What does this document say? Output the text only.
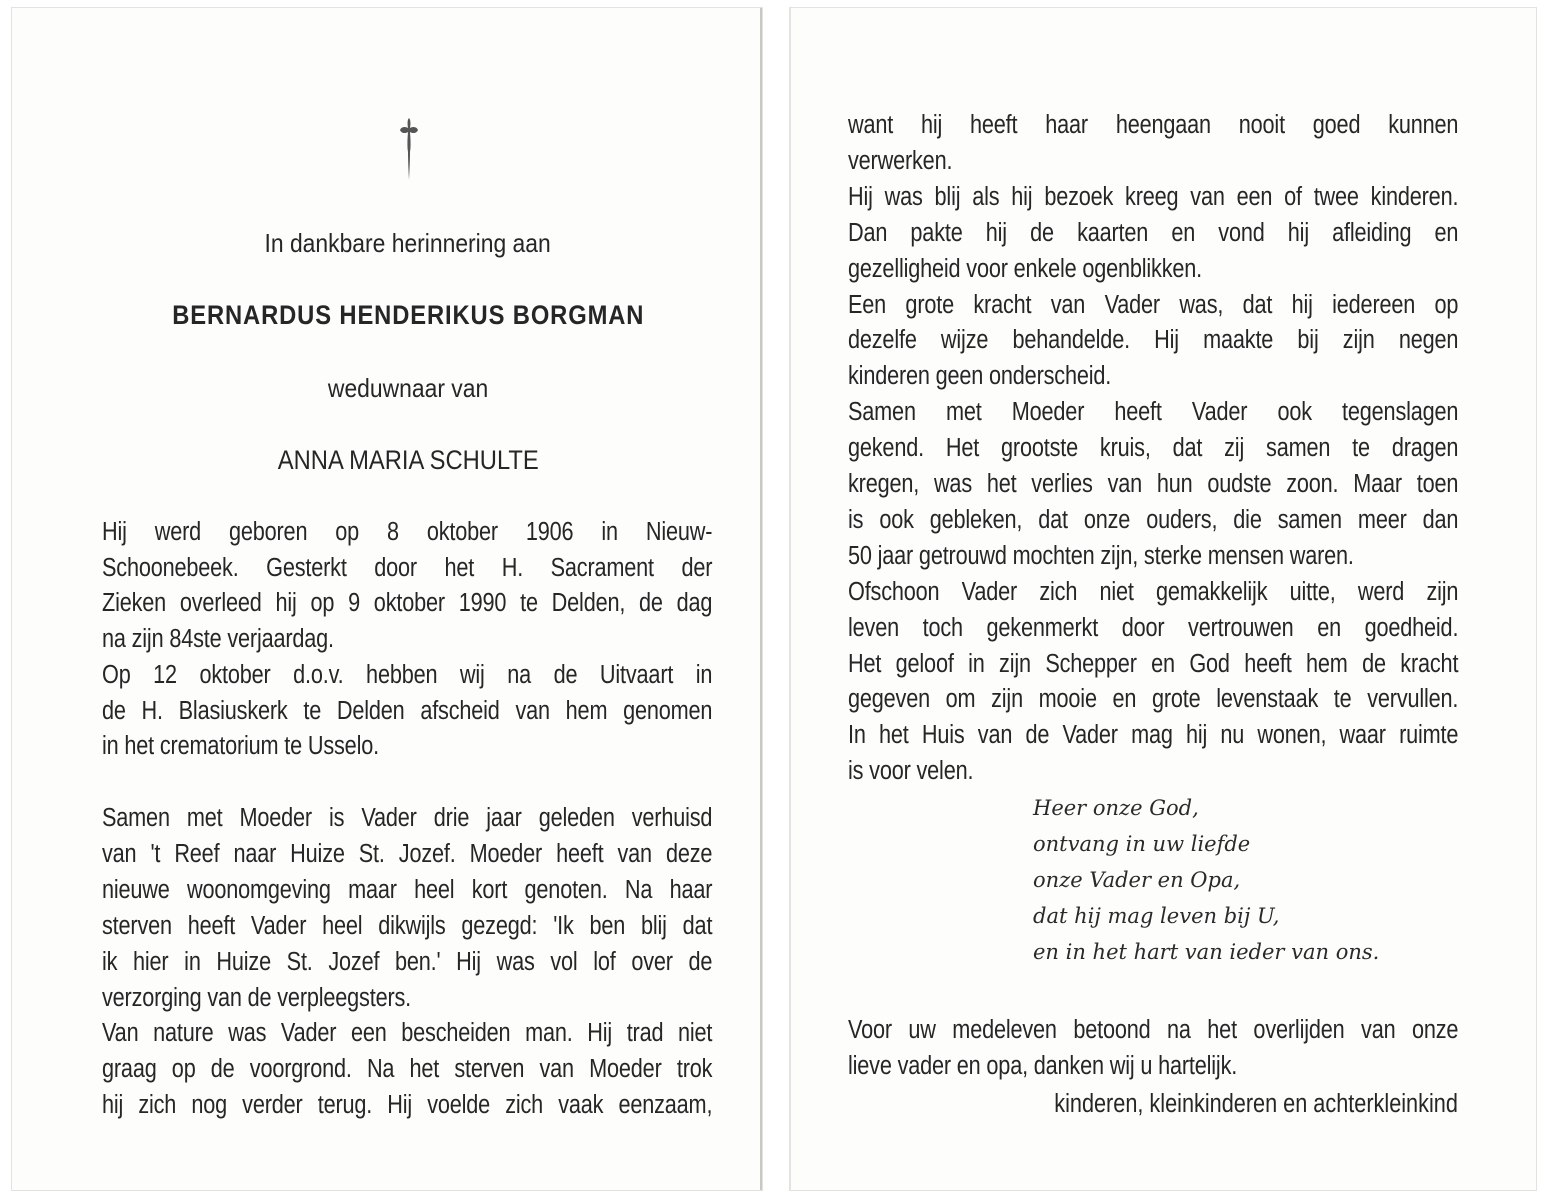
In dankbare herinnering aan
BERNARDUS HENDERIKUS BORGMAN
weduwnaar van
ANNA MARIA SCHULTE
Hij werd geboren op 8 oktober 1906 in Nieuw-
Schoonebeek. Gesterkt door het H. Sacrament der
Zieken overleed hij op 9 oktober 1990 te Delden, de dag
na zijn 84ste verjaardag.
Op 12 oktober d.o.v. hebben wij na de Uitvaart in
de H. Blasiuskerk te Delden afscheid van hem genomen
in het crematorium te Usselo.
Samen met Moeder is Vader drie jaar geleden verhuisd
van 't Reef naar Huize St. Jozef. Moeder heeft van deze
nieuwe woonomgeving maar heel kort genoten. Na haar
sterven heeft Vader heel dikwijls gezegd: 'Ik ben blij dat
ik hier in Huize St. Jozef ben.' Hij was vol lof over de
verzorging van de verpleegsters.
Van nature was Vader een bescheiden man. Hij trad niet
graag op de voorgrond. Na het sterven van Moeder trok
hij zich nog verder terug. Hij voelde zich vaak eenzaam,
want hij heeft haar heengaan nooit goed kunnen
verwerken.
Hij was blij als hij bezoek kreeg van een of twee kinderen.
Dan pakte hij de kaarten en vond hij afleiding en
gezelligheid voor enkele ogenblikken.
Een grote kracht van Vader was, dat hij iedereen op
dezelfe wijze behandelde. Hij maakte bij zijn negen
kinderen geen onderscheid.
Samen met Moeder heeft Vader ook tegenslagen
gekend. Het grootste kruis, dat zij samen te dragen
kregen, was het verlies van hun oudste zoon. Maar toen
is ook gebleken, dat onze ouders, die samen meer dan
50 jaar getrouwd mochten zijn, sterke mensen waren.
Ofschoon Vader zich niet gemakkelijk uitte, werd zijn
leven toch gekenmerkt door vertrouwen en goedheid.
Het geloof in zijn Schepper en God heeft hem de kracht
gegeven om zijn mooie en grote levenstaak te vervullen.
In het Huis van de Vader mag hij nu wonen, waar ruimte
is voor velen.
Heer onze God,
ontvang in uw liefde
onze Vader en Opa,
dat hij mag leven bij U,
en in het hart van ieder van ons.
Voor uw medeleven betoond na het overlijden van onze
lieve vader en opa, danken wij u hartelijk.
kinderen, kleinkinderen en achterkleinkind
